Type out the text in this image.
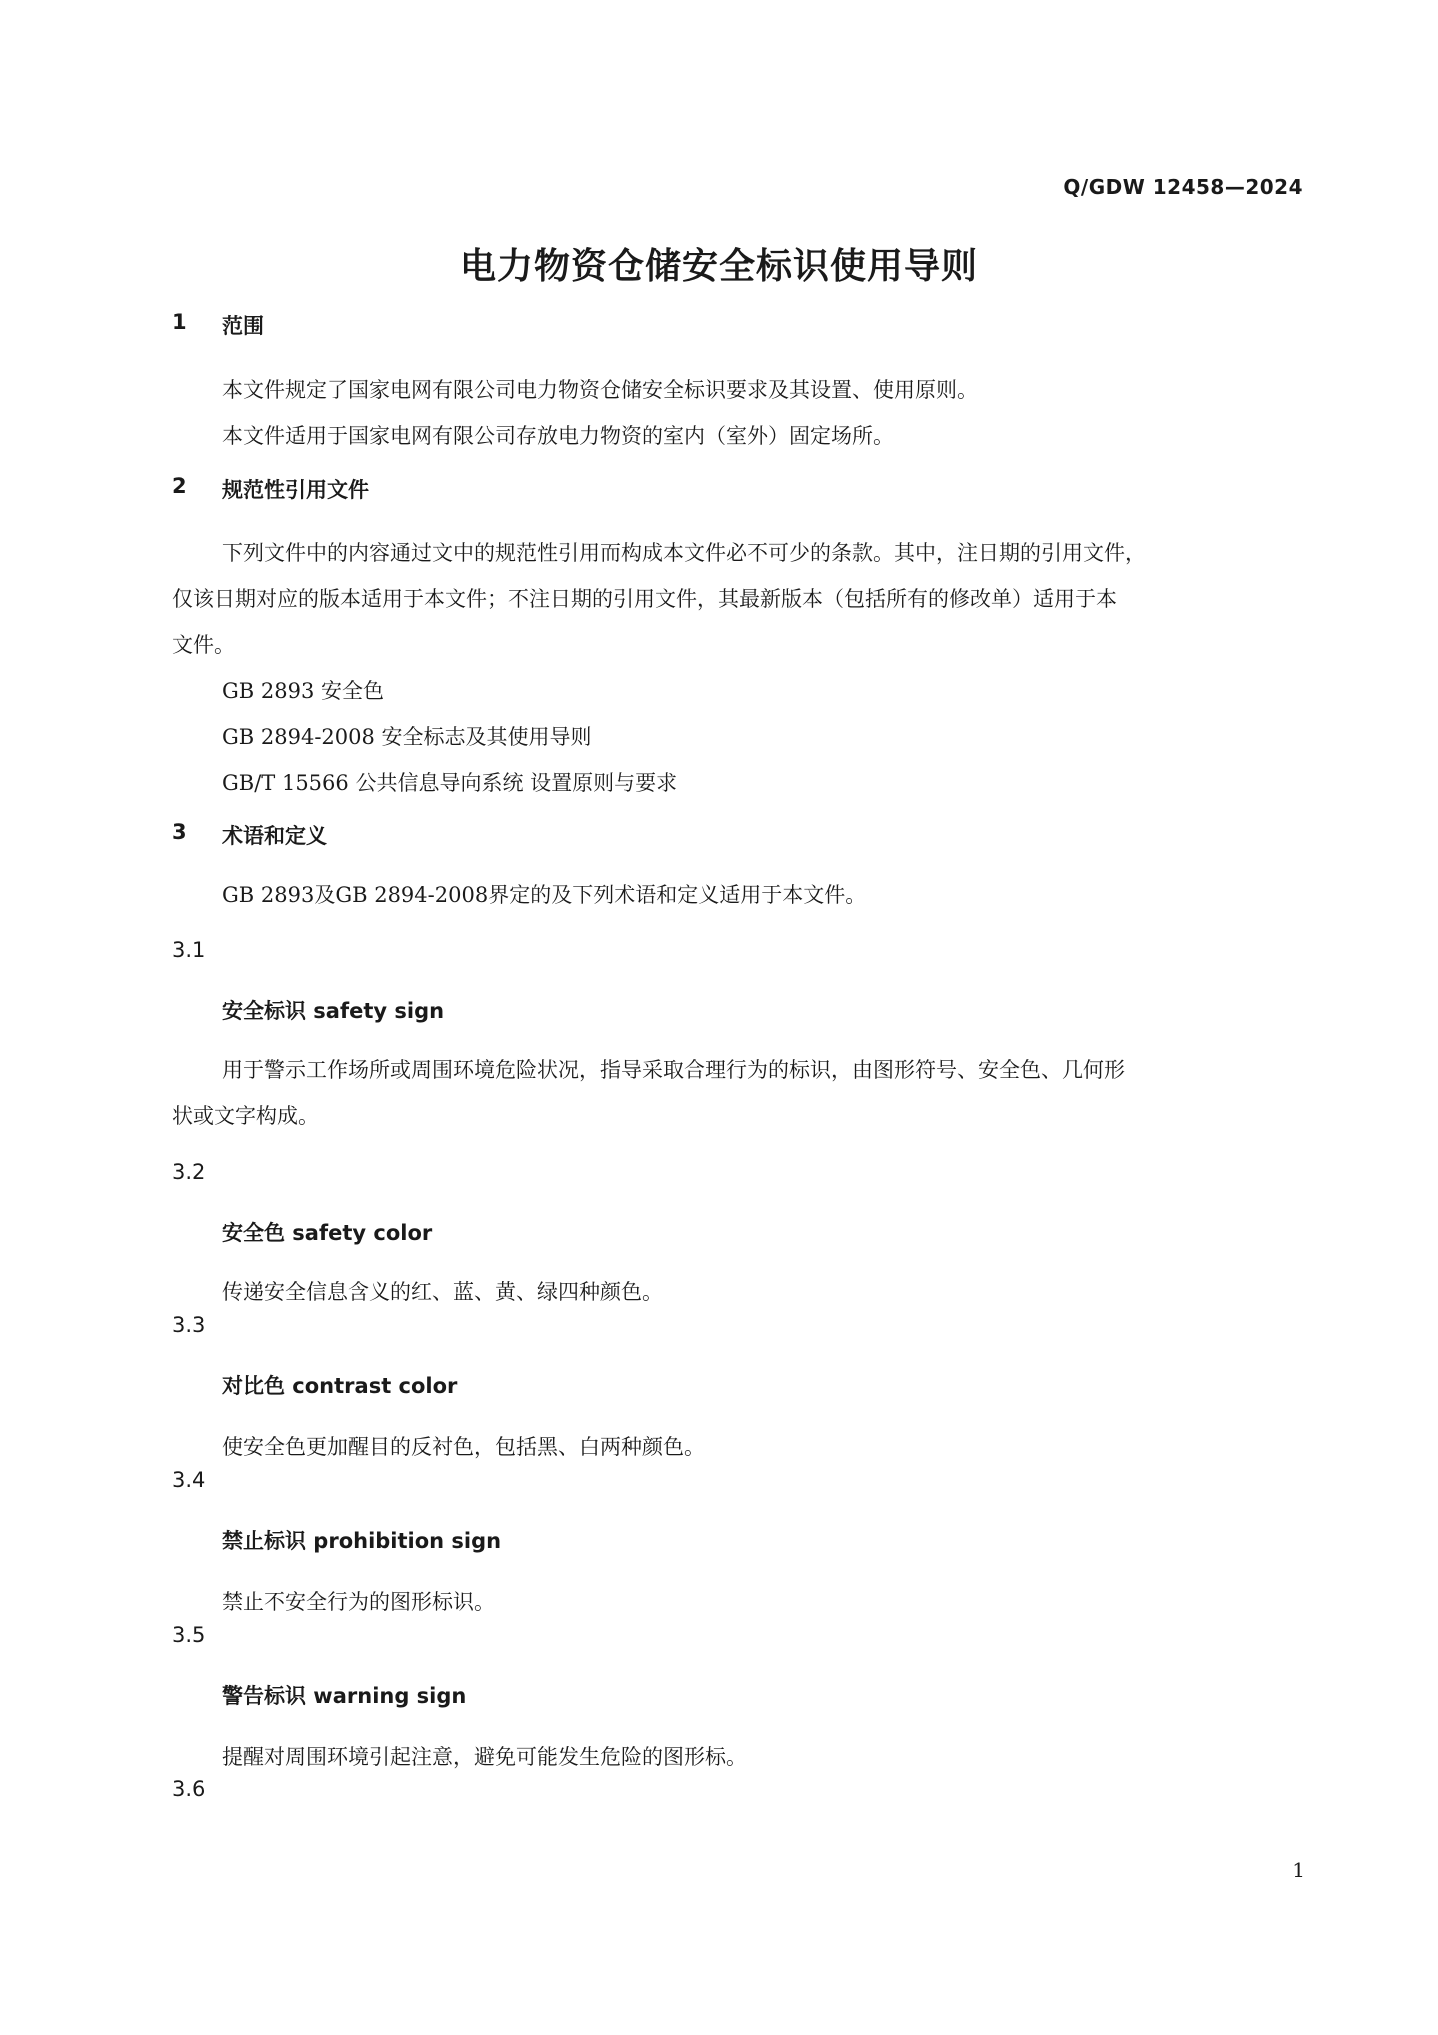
Q/GDW 12458—2024
电力物资仓储安全标识使用导则
1 范围
本文件规定了国家电网有限公司电力物资仓储安全标识要求及其设置、使用原则。
本文件适用于国家电网有限公司存放电力物资的室内（室外）固定场所。
2 规范性引用文件
下列文件中的内容通过文中的规范性引用而构成本文件必不可少的条款。其中，注日期的引用文件，
仅该日期对应的版本适用于本文件；不注日期的引用文件，其最新版本（包括所有的修改单）适用于本
文件。
GB 2893 安全色
GB 2894-2008 安全标志及其使用导则
GB/T 15566 公共信息导向系统 设置原则与要求
3 术语和定义
GB 2893及GB 2894-2008界定的及下列术语和定义适用于本文件。
3.1
安全标识 safety sign
用于警示工作场所或周围环境危险状况，指导采取合理行为的标识，由图形符号、安全色、几何形
状或文字构成。
3.2
安全色 safety color
传递安全信息含义的红、蓝、黄、绿四种颜色。
3.3
对比色 contrast color
使安全色更加醒目的反衬色，包括黑、白两种颜色。
3.4
禁止标识 prohibition sign
禁止不安全行为的图形标识。
3.5
警告标识 warning sign
提醒对周围环境引起注意，避免可能发生危险的图形标。
3.6
1
